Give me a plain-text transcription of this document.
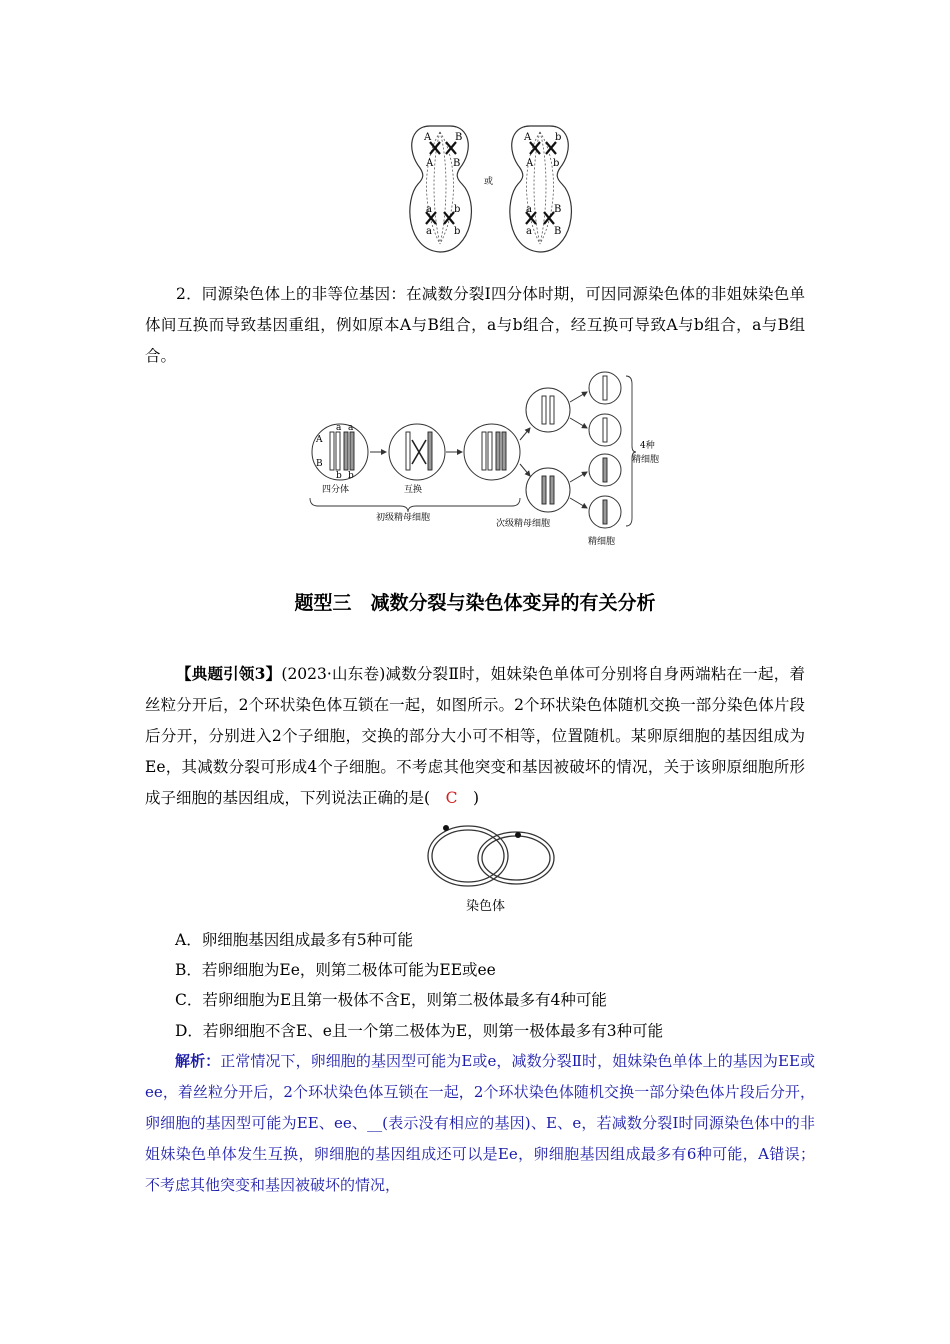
A B
A B
a b
a b
A b
A b
a B
a B
或

2．同源染色体上的非等位基因：在减数分裂Ⅰ四分体时期，可因同源染色体的非姐妹染色单体间互换而导致基因重组，例如原本A与B组合，a与b组合，经互换可导致A与b组合，a与B组合。

A
a a
B
b b
四分体	互换
初级精母细胞
次级精母细胞
精细胞
4种
精细胞
题型三　减数分裂与染色体变异的有关分析

【典题引领3】(2023·山东卷)减数分裂Ⅱ时，姐妹染色单体可分别将自身两端粘在一起，着丝粒分开后，2个环状染色体互锁在一起，如图所示。2个环状染色体随机交换一部分染色体片段后分开，分别进入2个子细胞，交换的部分大小可不相等，位置随机。某卵原细胞的基因组成为Ee，其减数分裂可形成4个子细胞。不考虑其他突变和基因被破坏的情况，关于该卵原细胞所形成子细胞的基因组成，下列说法正确的是(　C　)

染色体

A．卵细胞基因组成最多有5种可能

B．若卵细胞为Ee，则第二极体可能为EE或ee

C．若卵细胞为E且第一极体不含E，则第二极体最多有4种可能

D．若卵细胞不含E、e且一个第二极体为E，则第一极体最多有3种可能

解析：正常情况下，卵细胞的基因型可能为E或e，减数分裂Ⅱ时，姐妹染色单体上的基因为EE或ee，着丝粒分开后，2个环状染色体互锁在一起，2个环状染色体随机交换一部分染色体片段后分开，卵细胞的基因型可能为EE、ee、__(表示没有相应的基因)、E、e，若减数分裂Ⅰ时同源染色体中的非姐妹染色单体发生互换，卵细胞的基因组成还可以是Ee，卵细胞基因组成最多有6种可能，A错误；不考虑其他突变和基因被破坏的情况，
